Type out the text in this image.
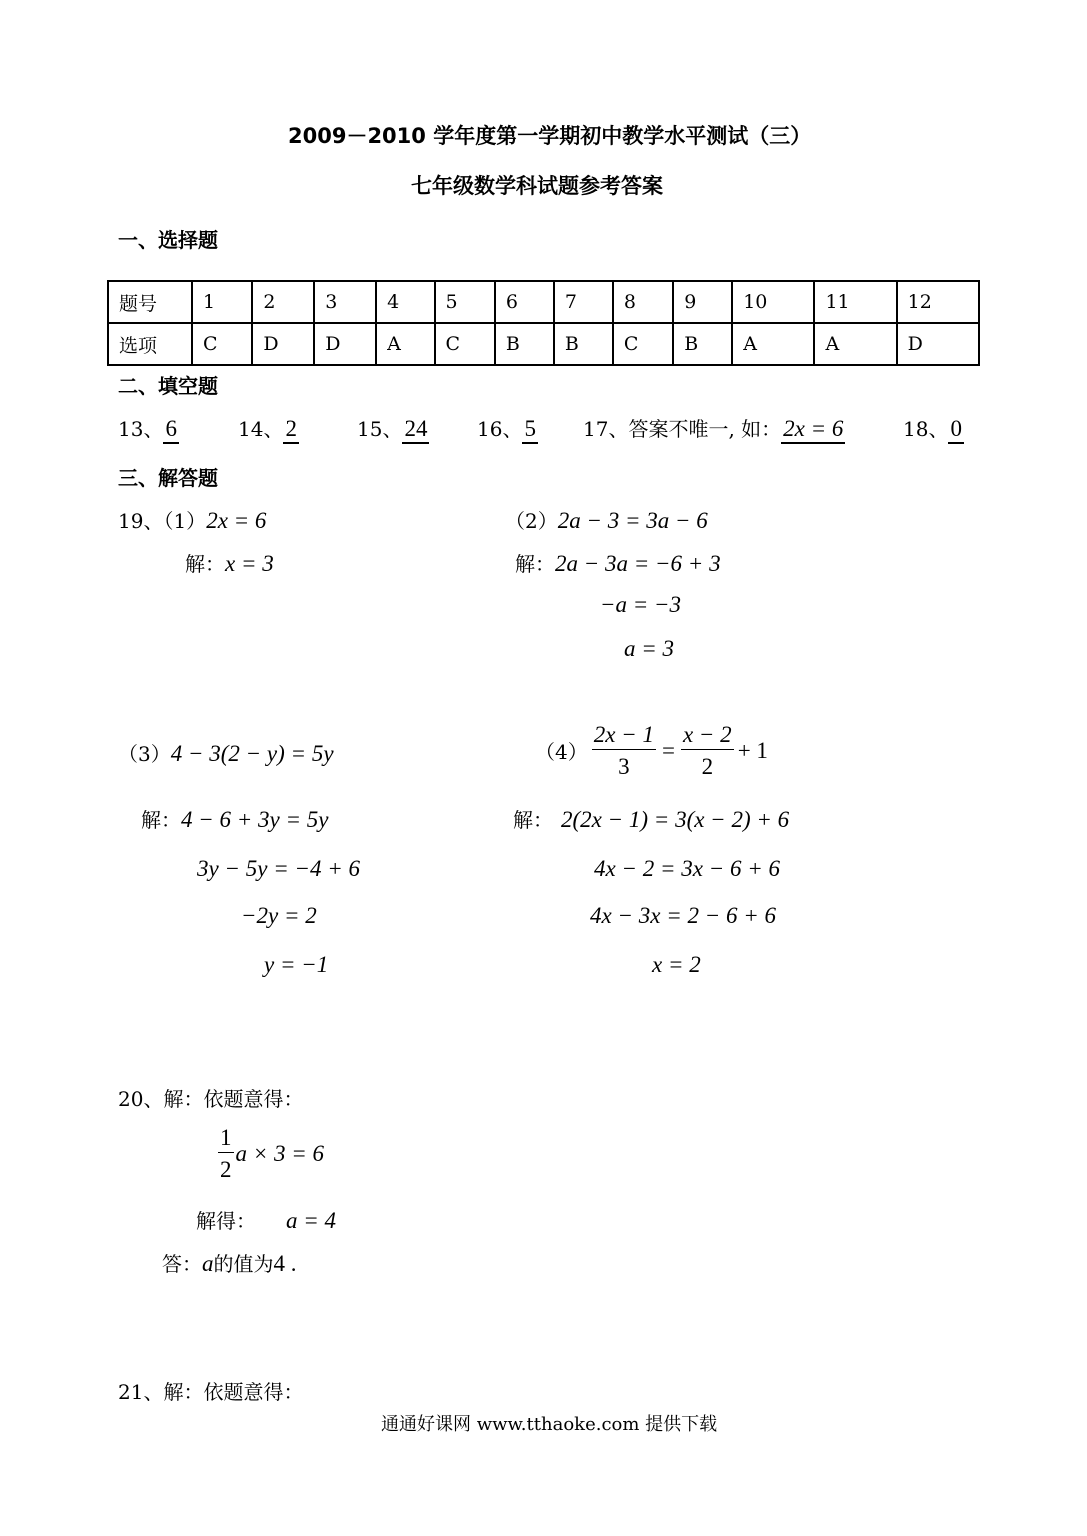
2009－2010 学年度第一学期初中教学水平测试（三）
七年级数学科试题参考答案
一、选择题
题号	1	2	3	4	5	6	7	8	9	10	11	12
选项	C	D	D	A	C	B	B	C	B	A	A	D
二、填空题
13、6	14、2	15、24 16、5 17、答案不唯一, 如：2x = 6	18、0
三、解答题
19、（1）2x = 6
解：x = 3
（2）2a − 3 = 3a − 6
解：2a − 3a = −6 + 3
−a = −3
a = 3
（3）4 − 3(2 − y) = 5y
解：4 − 6 + 3y = 5y
3y − 5y = −4 + 6
−2y = 2
y = −1
$(4) \frac{2x - 1}{3} = \frac{x - 2}{2} + 1$
解： 2(2x − 1) = 3(x − 2) + 6
4x − 2 = 3x − 6 + 6
4x − 3x = 2 − 6 + 6
x = 2
20、解：依题意得：
$\frac{1}{2}$ a × 3 = 6
解得： a = 4
答：a的值为4 .
21、解：依题意得：
通通好课网 www.tthaoke.com 提供下载
